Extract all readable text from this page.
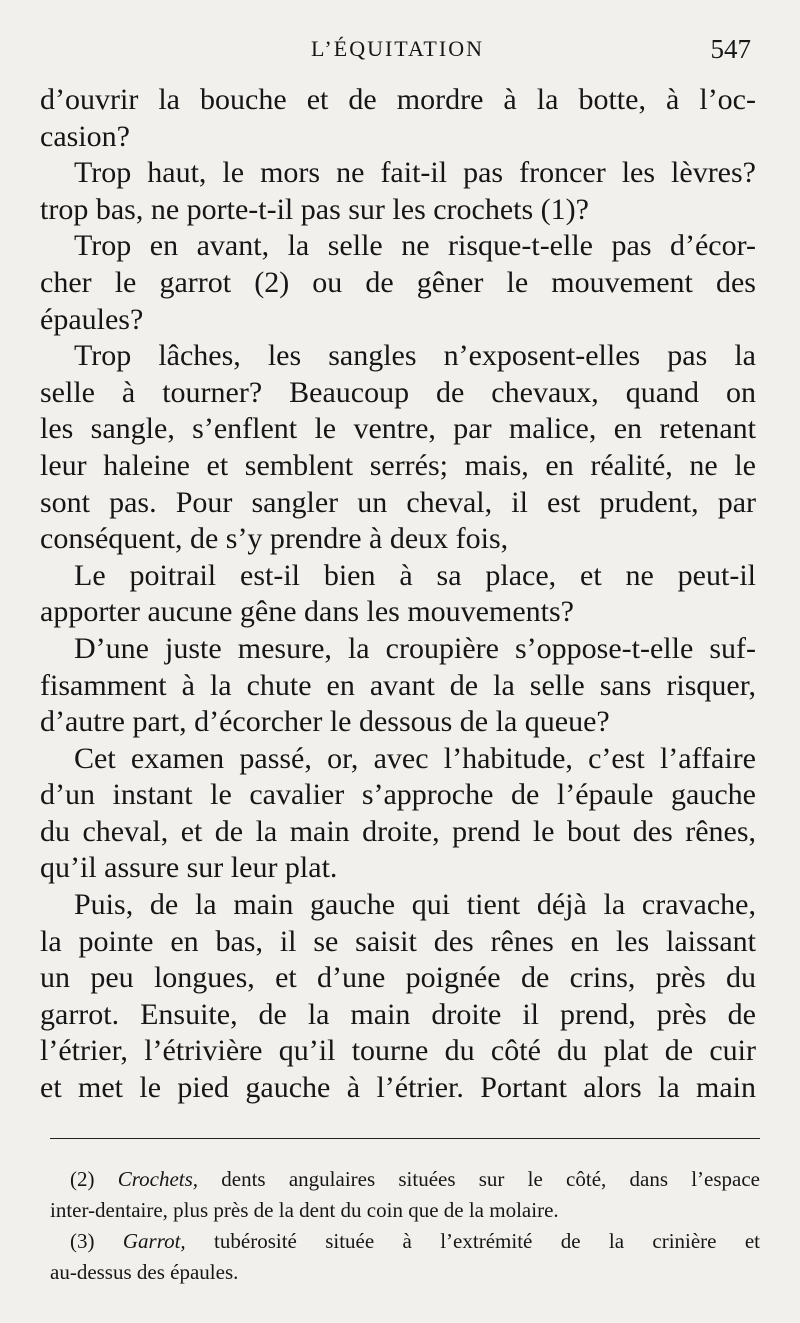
L’ÉQUITATION	547
d’ouvrir la bouche et de mordre à la botte, à l’oc-
casion?
Trop haut, le mors ne fait-il pas froncer les lèvres?
trop bas, ne porte-t-il pas sur les crochets (1)?
Trop en avant, la selle ne risque-t-elle pas d’écor-
cher le garrot (2) ou de gêner le mouvement des
épaules?
Trop lâches, les sangles n’exposent-elles pas la
selle à tourner? Beaucoup de chevaux, quand on
les sangle, s’enflent le ventre, par malice, en retenant
leur haleine et semblent serrés; mais, en réalité, ne le
sont pas. Pour sangler un cheval, il est prudent, par
conséquent, de s’y prendre à deux fois,
Le poitrail est-il bien à sa place, et ne peut-il
apporter aucune gêne dans les mouvements?
D’une juste mesure, la croupière s’oppose-t-elle suf-
fisamment à la chute en avant de la selle sans risquer,
d’autre part, d’écorcher le dessous de la queue?
Cet examen passé, or, avec l’habitude, c’est l’affaire
d’un instant le cavalier s’approche de l’épaule gauche
du cheval, et de la main droite, prend le bout des rênes,
qu’il assure sur leur plat.
Puis, de la main gauche qui tient déjà la cravache,
la pointe en bas, il se saisit des rênes en les laissant
un peu longues, et d’une poignée de crins, près du
garrot. Ensuite, de la main droite il prend, près de
l’étrier, l’étrivière qu’il tourne du côté du plat de cuir
et met le pied gauche à l’étrier. Portant alors la main
(2) Crochets, dents angulaires situées sur le côté, dans l’espace
inter-dentaire, plus près de la dent du coin que de la molaire.
(3) Garrot, tubérosité située à l’extrémité de la crinière et
au-dessus des épaules.
